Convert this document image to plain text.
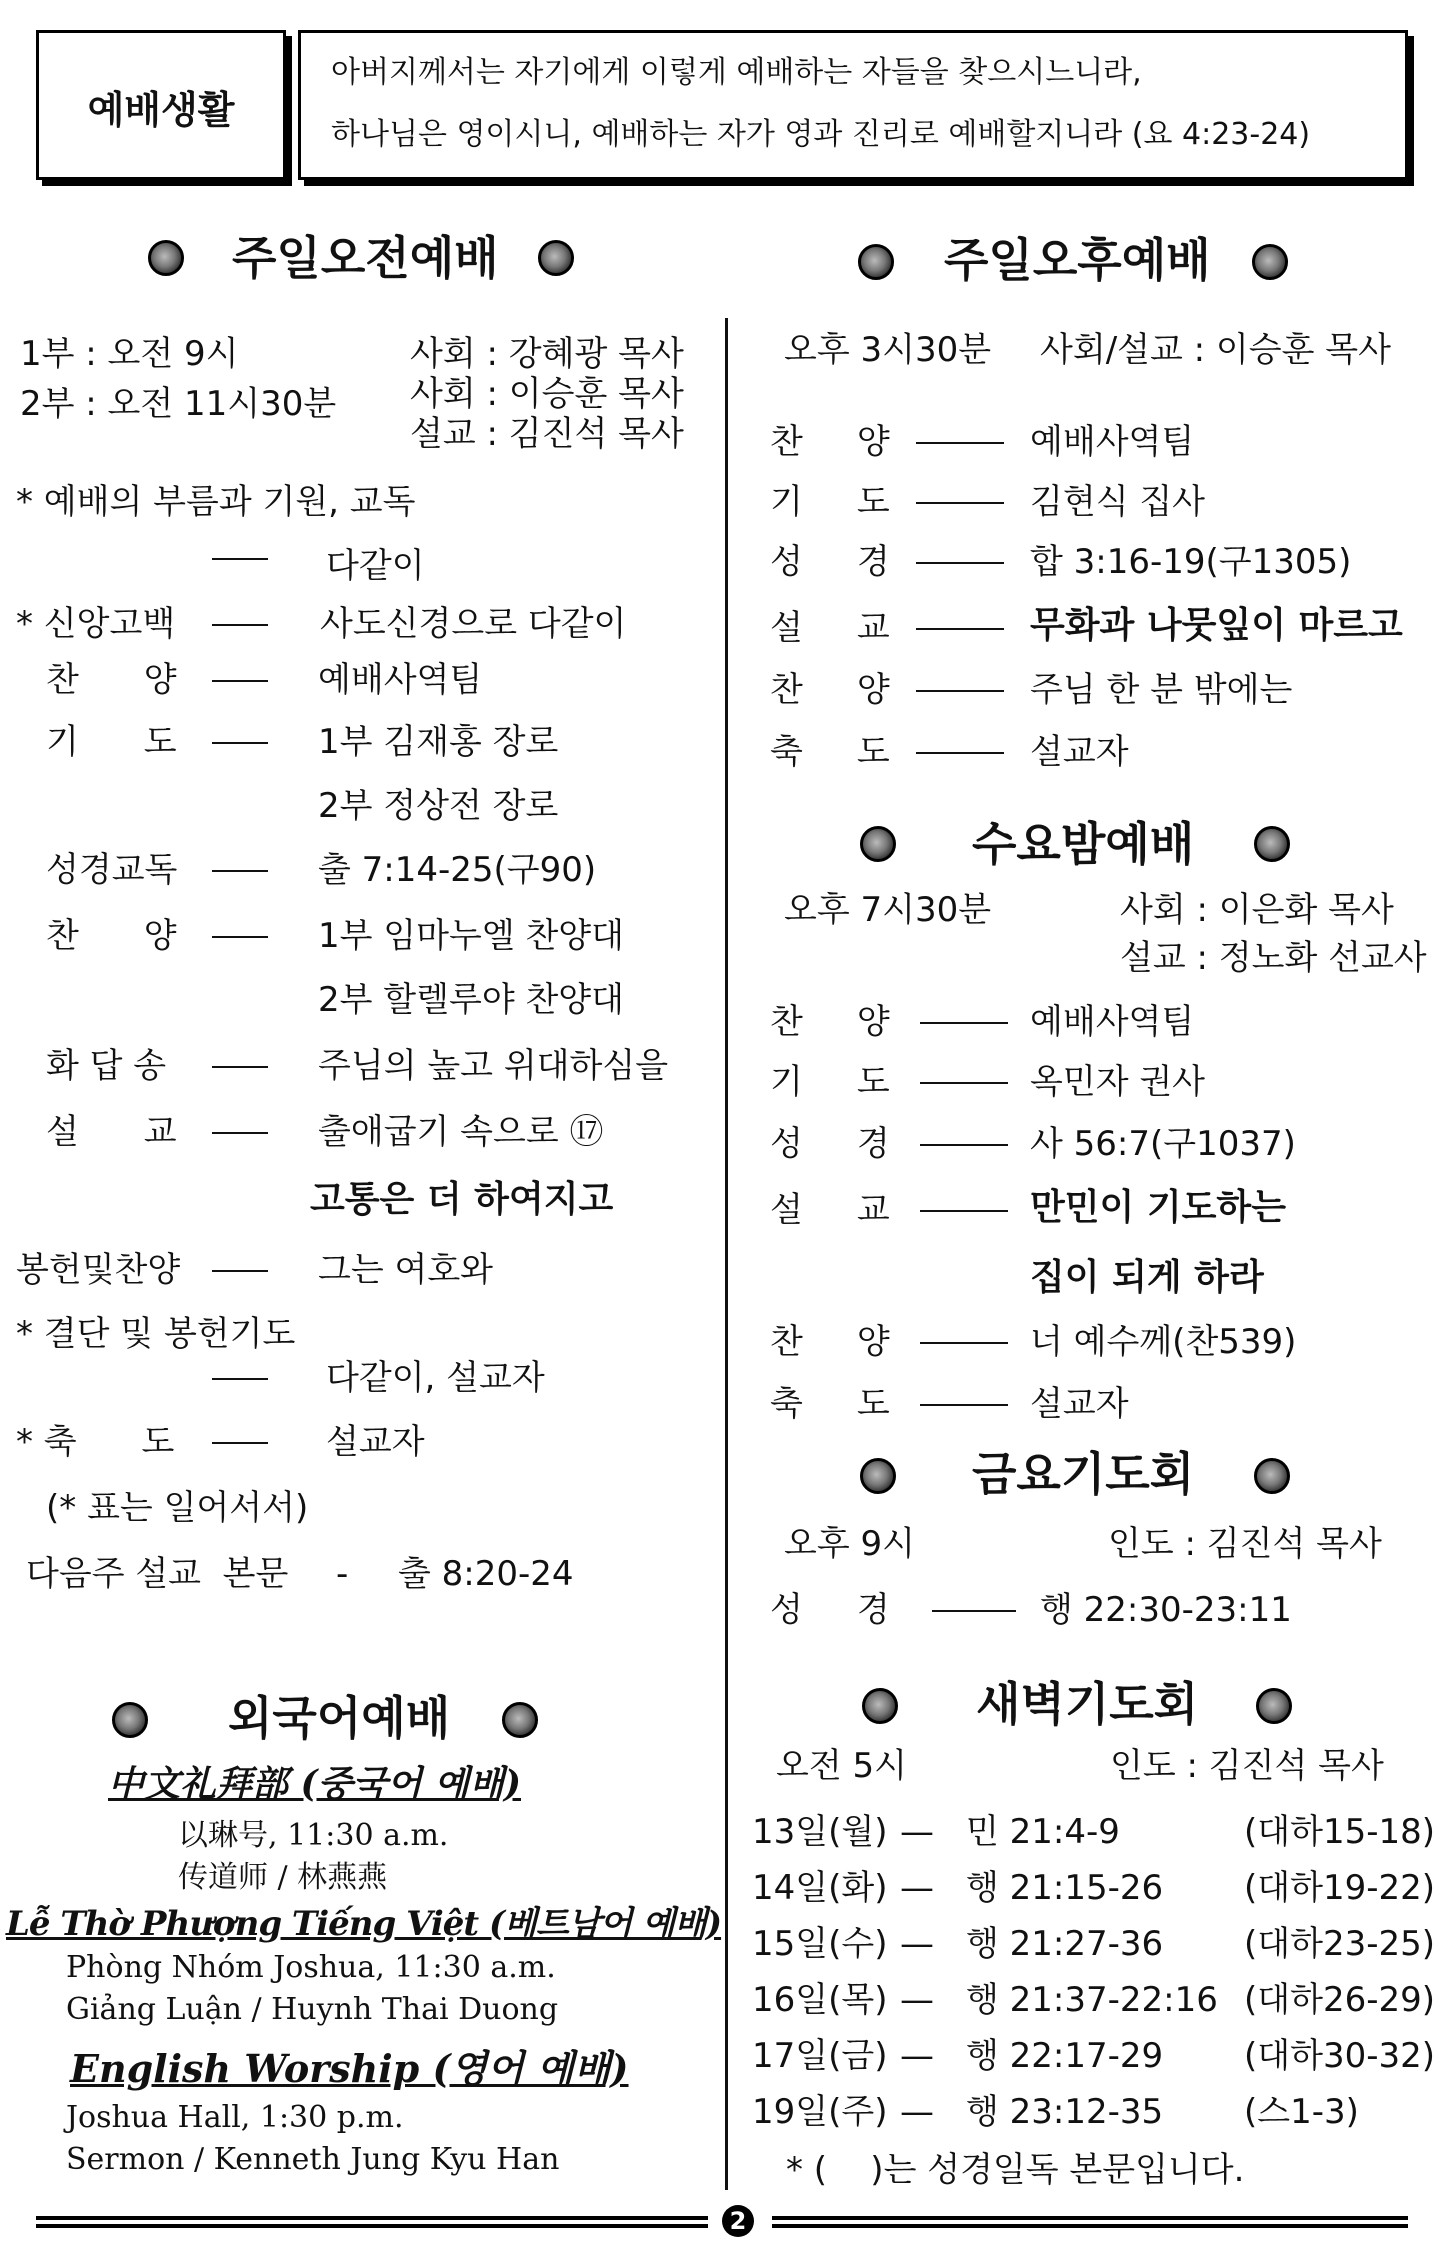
예배생활
아버지께서는 자기에게 이렇게 예배하는 자들을 찾으시느니라,
하나님은 영이시니, 예배하는 자가 영과 진리로 예배할지니라 (요 4:23-24)
주일오전예배
1부 : 오전 9시
2부 : 오전 11시30분
사회 : 강혜광 목사
사회 : 이승훈 목사
설교 : 김진석 목사
* 예배의 부름과 기원, 교독
다같이
* 신앙고백	사도신경으로 다같이
찬      양	예배사역팀
기      도	1부 김재홍 장로
2부 정상전 장로
성경교독	출 7:14-25(구90)
찬      양	1부 임마누엘 찬양대
2부 할렐루야 찬양대
화 답 송	주님의 높고 위대하심을
설      교	출애굽기 속으로 ⑰
고통은 더 하여지고
봉헌및찬양	그는 여호와
* 결단 및 봉헌기도
다같이, 설교자
* 축      도	설교자
(* 표는 일어서서)
다음주 설교  본문 - 출 8:20-24
외국어예배
中文礼拜部 (중국어 예배)
以琳号, 11:30 a.m.
传道师 / 林燕燕
Lễ Thờ Phượng Tiếng Việt (베트남어 예배)
Phòng Nhóm Joshua, 11:30 a.m.
Giảng Luận / Huynh Thai Duong
English Worship (영어 예배)
Joshua Hall, 1:30 p.m.
Sermon / Kenneth Jung Kyu Han
주일오후예배
오후 3시30분 사회/설교 : 이승훈 목사
찬     양	예배사역팀
기     도	김현식 집사
성     경	합 3:16-19(구1305)
설     교	무화과 나뭇잎이 마르고
찬     양	주님 한 분 밖에는
축     도	설교자
수요밤예배
오후 7시30분	사회 : 이은화 목사
설교 : 정노화 선교사
찬     양	예배사역팀
기     도	옥민자 권사
성     경	사 56:7(구1037)
설     교	만민이 기도하는
집이 되게 하라
찬     양	너 예수께(찬539)
축     도	설교자
금요기도회
오후 9시	인도 : 김진석 목사
성     경	행 22:30-23:11
새벽기도회
오전 5시	인도 : 김진석 목사
13일(월) — 민 21:4-9	(대하15-18)
14일(화) — 행 21:15-26 (대하19-22)
15일(수) — 행 21:27-36 (대하23-25)
16일(목) — 행 21:37-22:16 (대하26-29)
17일(금) — 행 22:17-29 (대하30-32)
19일(주) — 행 23:12-35 (스1-3)
* (    )는 성경일독 본문입니다.
2
